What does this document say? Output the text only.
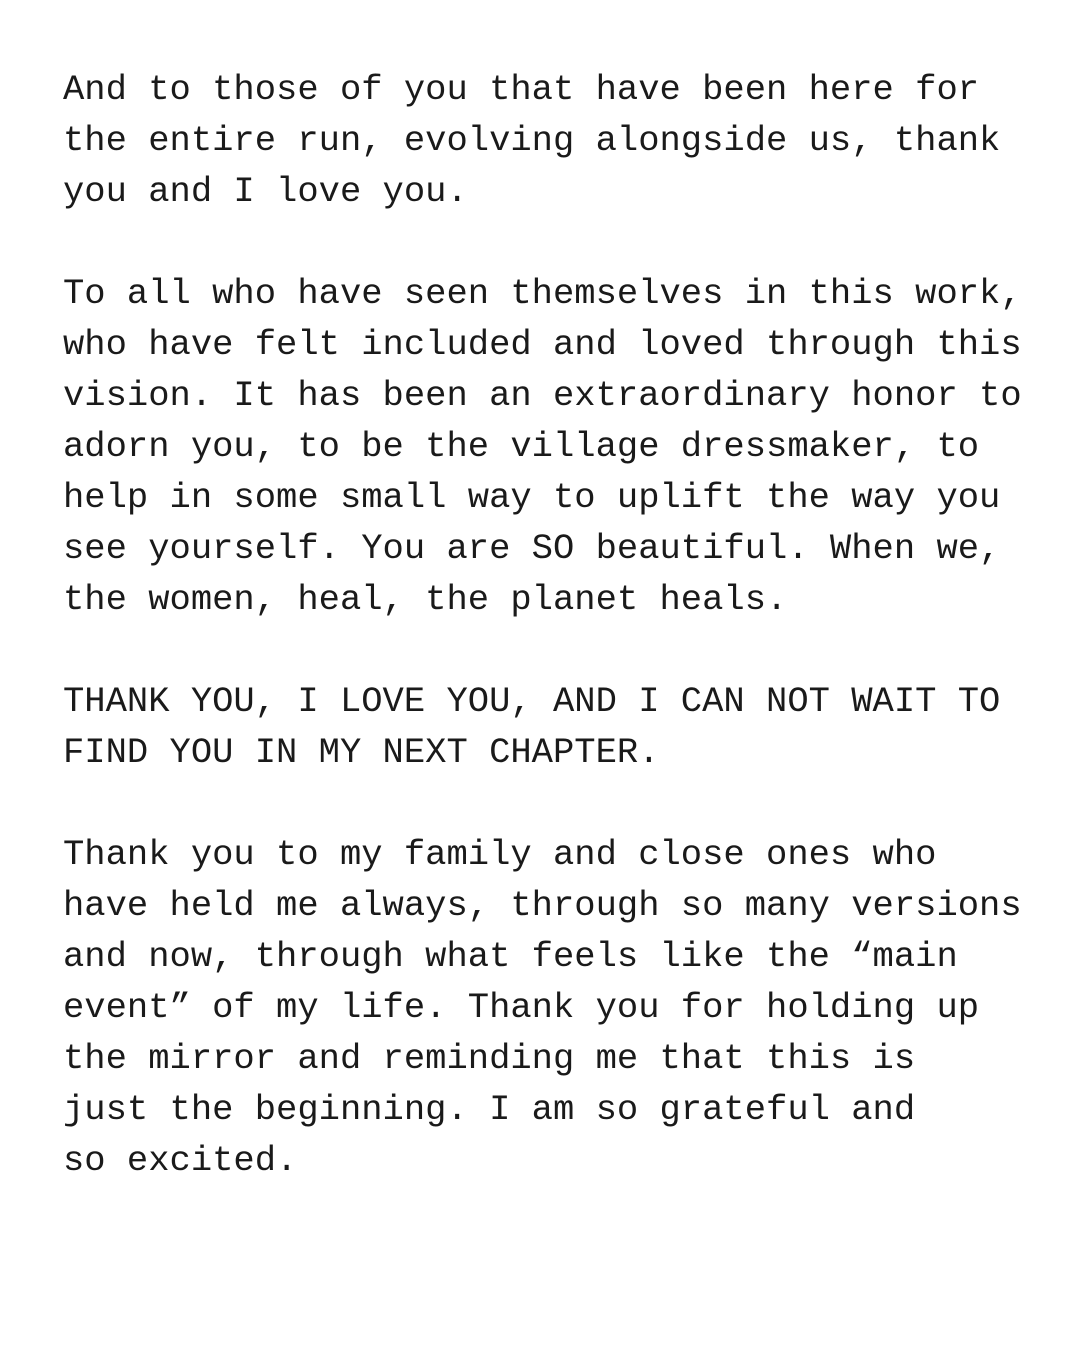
And to those of you that have been here for
the entire run, evolving alongside us, thank
you and I love you.
To all who have seen themselves in this work,
who have felt included and loved through this
vision. It has been an extraordinary honor to
adorn you, to be the village dressmaker, to
help in some small way to uplift the way you
see yourself. You are SO beautiful. When we,
the women, heal, the planet heals.
THANK YOU, I LOVE YOU, AND I CAN NOT WAIT TO
FIND YOU IN MY NEXT CHAPTER.
Thank you to my family and close ones who
have held me always, through so many versions
and now, through what feels like the “main
event” of my life. Thank you for holding up
the mirror and reminding me that this is
just the beginning. I am so grateful and
so excited.
